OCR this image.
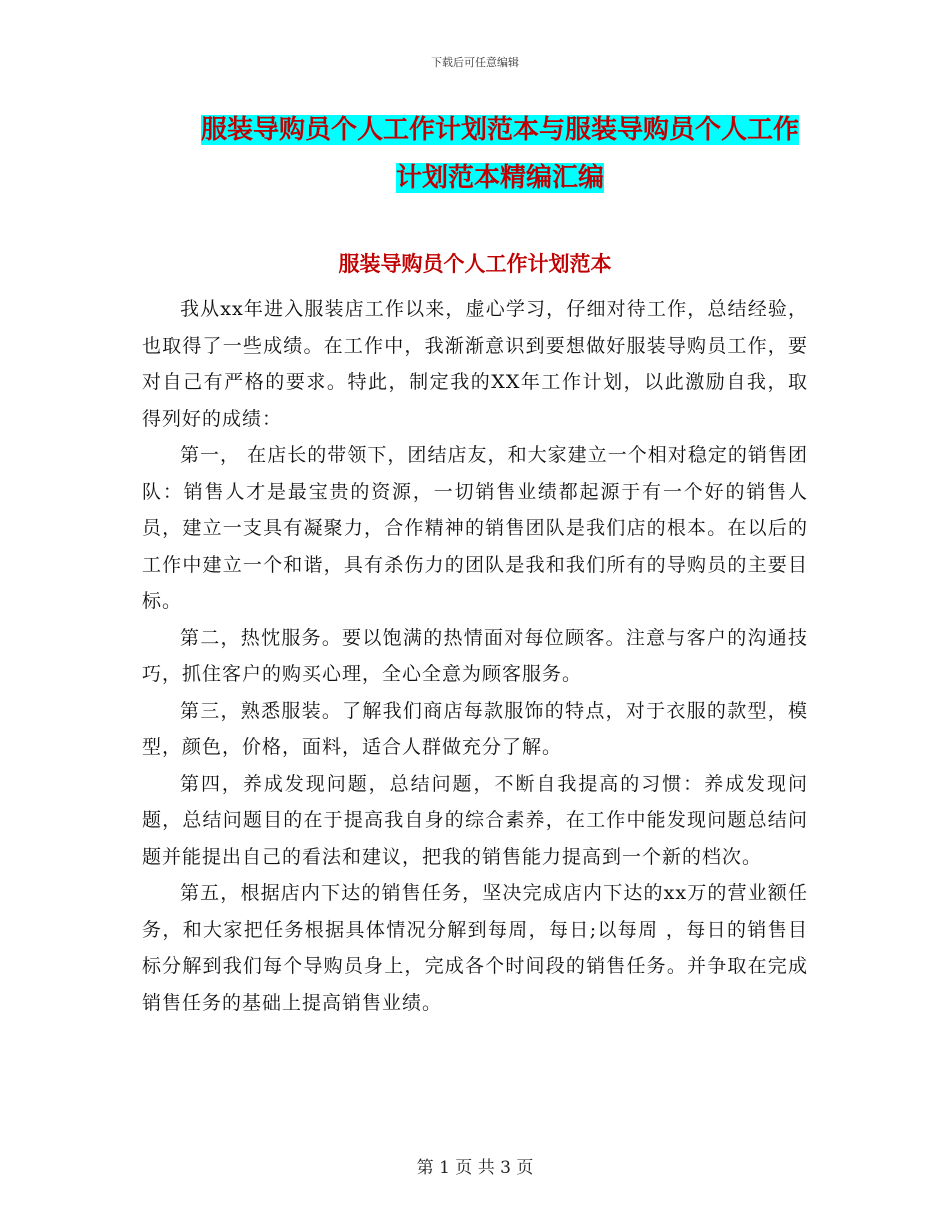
下载后可任意编辑
服装导购员个人工作计划范本与服装导购员个人工作计划范本精编汇编
服装导购员个人工作计划范本

我从xx年进入服装店工作以来，虚心学习，仔细对待工作，总结经验，也取得了一些成绩。在工作中，我渐渐意识到要想做好服装导购员工作，要对自己有严格的要求。特此，制定我的XX年工作计划，以此激励自我，取得列好的成绩：

第一， 在店长的带领下，团结店友，和大家建立一个相对稳定的销售团队：销售人才是最宝贵的资源，一切销售业绩都起源于有一个好的销售人员，建立一支具有凝聚力，合作精神的销售团队是我们店的根本。在以后的工作中建立一个和谐，具有杀伤力的团队是我和我们所有的导购员的主要目标。

第二，热忱服务。要以饱满的热情面对每位顾客。注意与客户的沟通技巧，抓住客户的购买心理，全心全意为顾客服务。

第三，熟悉服装。了解我们商店每款服饰的特点，对于衣服的款型，模型，颜色，价格，面料，适合人群做充分了解。

第四，养成发现问题，总结问题，不断自我提高的习惯：养成发现问题，总结问题目的在于提高我自身的综合素养，在工作中能发现问题总结问题并能提出自己的看法和建议，把我的销售能力提高到一个新的档次。

第五，根据店内下达的销售任务，坚决完成店内下达的xx万的营业额任务，和大家把任务根据具体情况分解到每周，每日;以每周 ，每日的销售目标分解到我们每个导购员身上，完成各个时间段的销售任务。并争取在完成销售任务的基础上提高销售业绩。

第 1 页 共 3 页
